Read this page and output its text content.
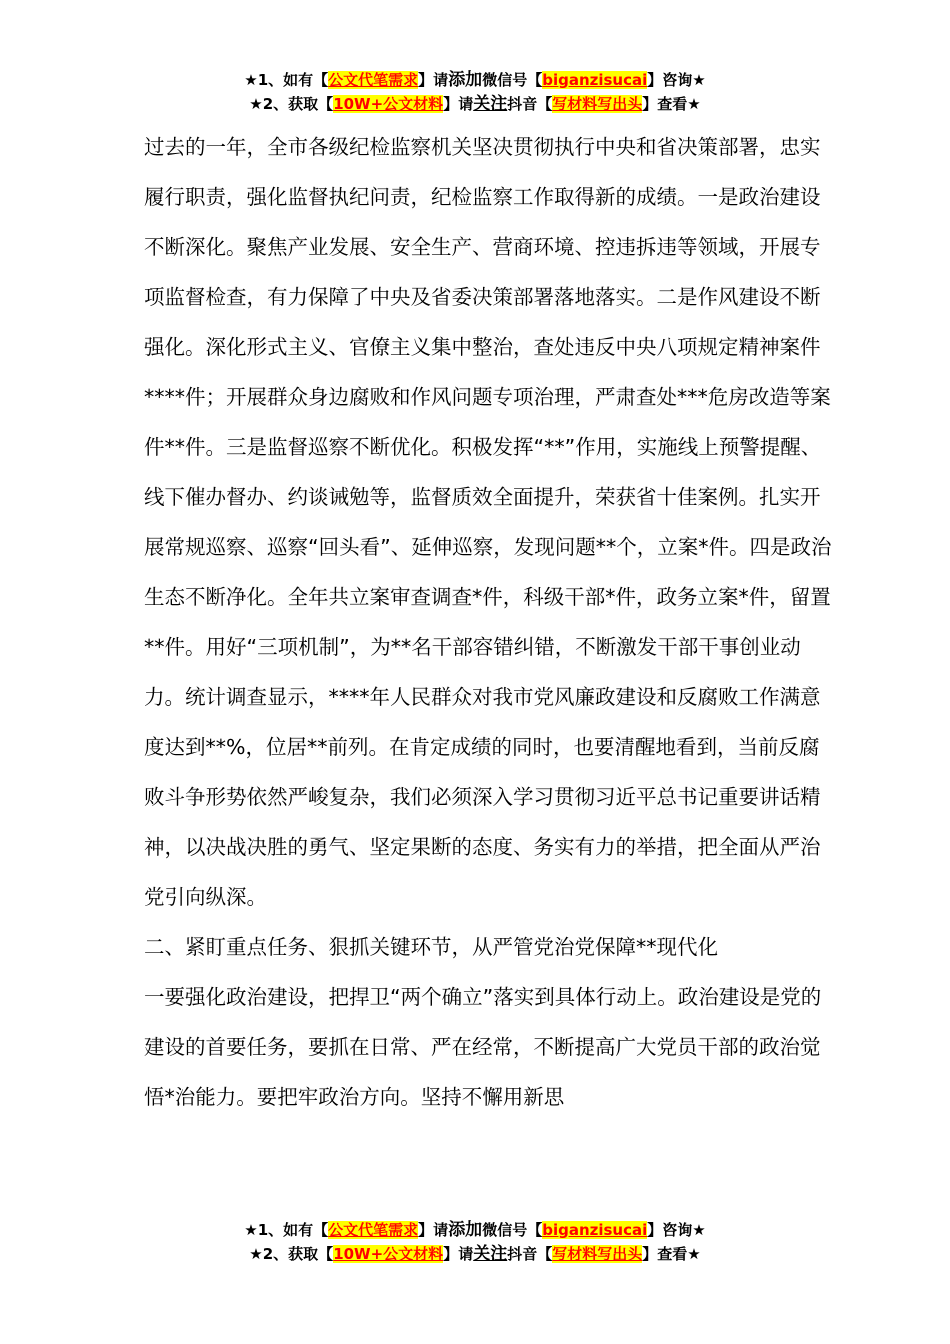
★1、如有【公文代笔需求】请添加微信号【biganzisucai】咨询★
★2、获取【10W+公文材料】请关注抖音【写材料写出头】查看★

过去的一年，全市各级纪检监察机关坚决贯彻执行中央和省决策部署，忠实履行职责，强化监督执纪问责，纪检监察工作取得新的成绩。一是政治建设不断深化。聚焦产业发展、安全生产、营商环境、控违拆违等领域，开展专项监督检查，有力保障了中央及省委决策部署落地落实。二是作风建设不断强化。深化形式主义、官僚主义集中整治，查处违反中央八项规定精神案件****件；开展群众身边腐败和作风问题专项治理，严肃查处***危房改造等案件**件。三是监督巡察不断优化。积极发挥“**”作用，实施线上预警提醒、线下催办督办、约谈诫勉等，监督质效全面提升，荣获省十佳案例。扎实开展常规巡察、巡察“回头看”、延伸巡察，发现问题**个，立案*件。四是政治生态不断净化。全年共立案审查调查*件，科级干部*件，政务立案*件，留置**件。用好“三项机制”，为**名干部容错纠错，不断激发干部干事创业动力。统计调查显示，****年人民群众对我市党风廉政建设和反腐败工作满意度达到**%，位居**前列。在肯定成绩的同时，也要清醒地看到，当前反腐败斗争形势依然严峻复杂，我们必须深入学习贯彻习近平总书记重要讲话精神，以决战决胜的勇气、坚定果断的态度、务实有力的举措，把全面从严治党引向纵深。

二、紧盯重点任务、狠抓关键环节，从严管党治党保障**现代化

一要强化政治建设，把捍卫“两个确立”落实到具体行动上。政治建设是党的建设的首要任务，要抓在日常、严在经常，不断提高广大党员干部的政治觉悟*治能力。要把牢政治方向。坚持不懈用新思

★1、如有【公文代笔需求】请添加微信号【biganzisucai】咨询★
★2、获取【10W+公文材料】请关注抖音【写材料写出头】查看★
